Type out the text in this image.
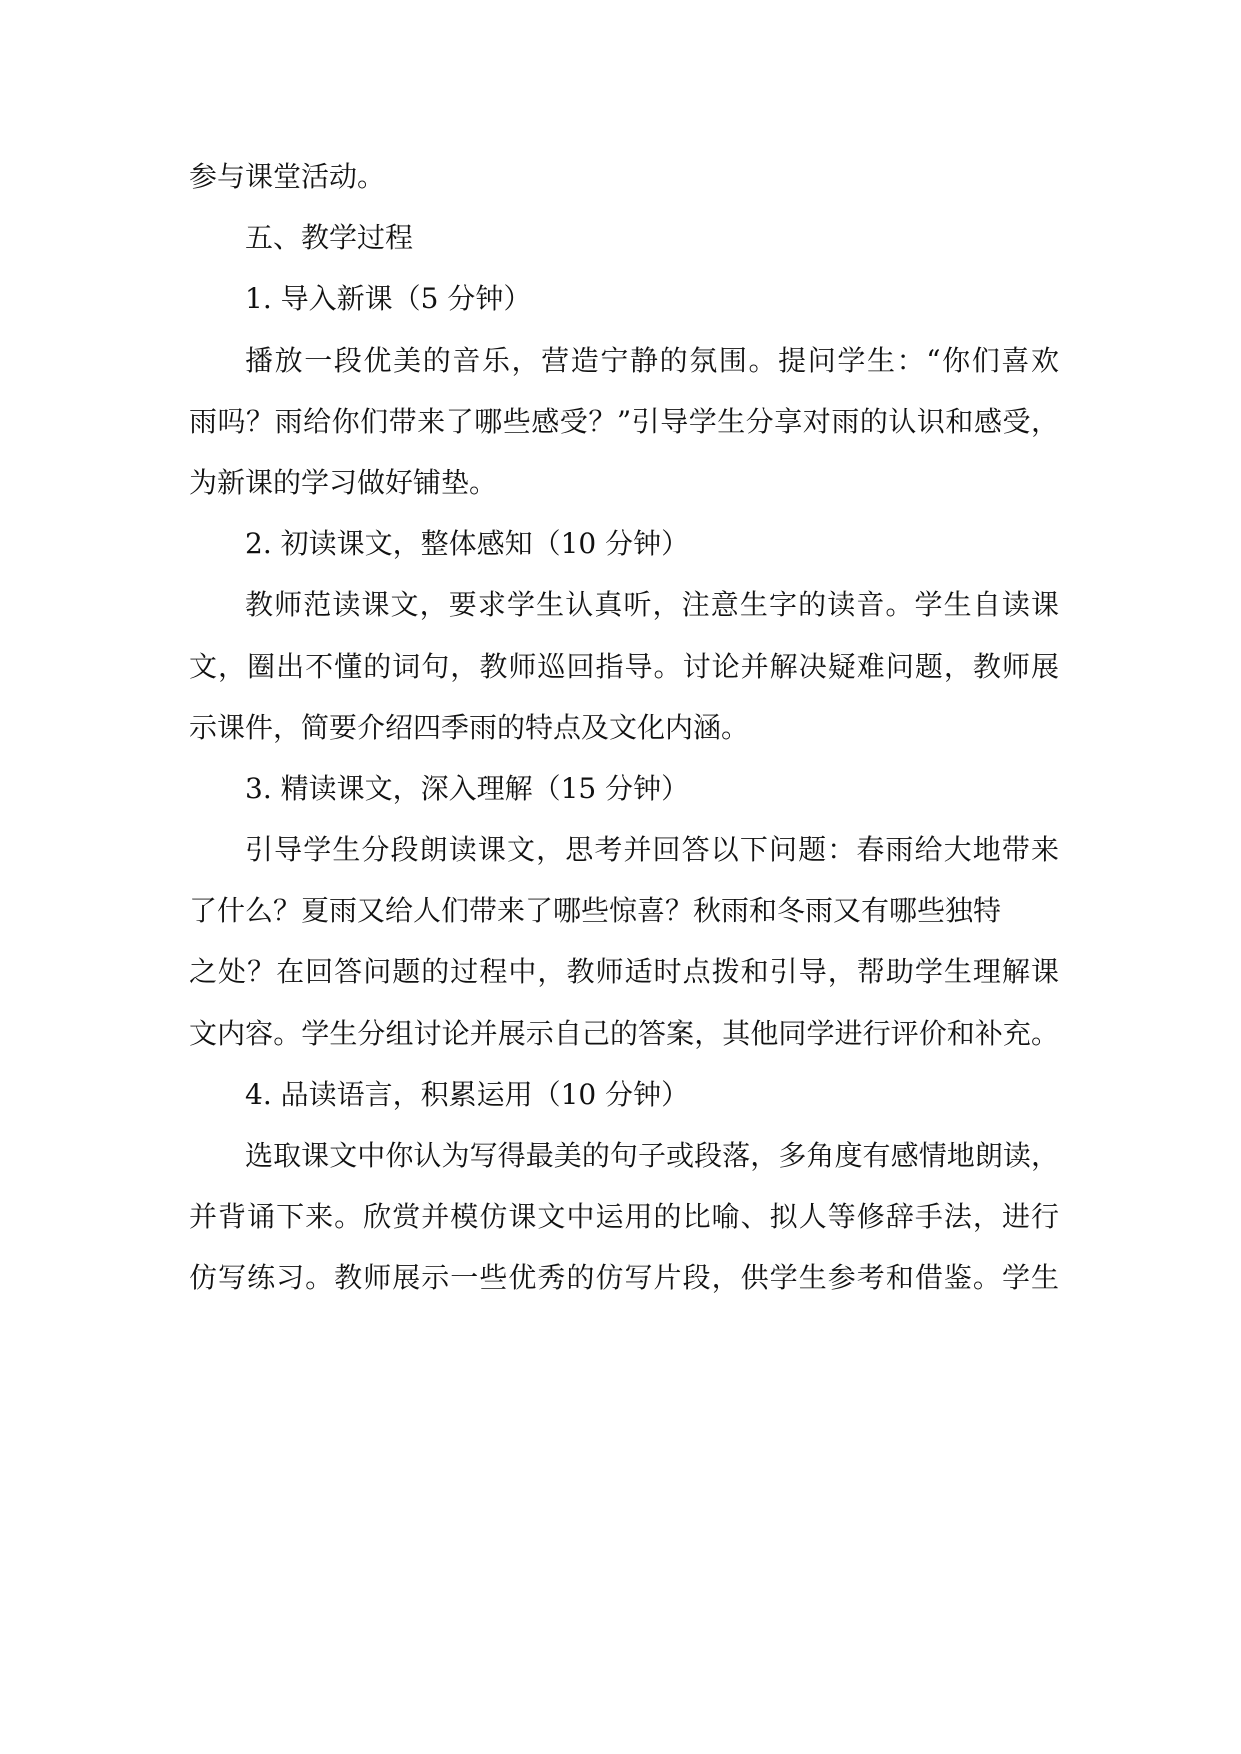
参与课堂活动。
五、教学过程
1. 导入新课（5 分钟）
播放一段优美的音乐，营造宁静的氛围。提问学生：“你们喜欢
雨吗？雨给你们带来了哪些感受？”引导学生分享对雨的认识和感受，
为新课的学习做好铺垫。
2. 初读课文，整体感知（10 分钟）
教师范读课文，要求学生认真听，注意生字的读音。学生自读课
文，圈出不懂的词句，教师巡回指导。讨论并解决疑难问题，教师展
示课件，简要介绍四季雨的特点及文化内涵。
3. 精读课文，深入理解（15 分钟）
引导学生分段朗读课文，思考并回答以下问题：春雨给大地带来
了什么？夏雨又给人们带来了哪些惊喜？秋雨和冬雨又有哪些独特
之处？在回答问题的过程中，教师适时点拨和引导，帮助学生理解课
文内容。学生分组讨论并展示自己的答案，其他同学进行评价和补充。
4. 品读语言，积累运用（10 分钟）
选取课文中你认为写得最美的句子或段落，多角度有感情地朗读，
并背诵下来。欣赏并模仿课文中运用的比喻、拟人等修辞手法，进行
仿写练习。教师展示一些优秀的仿写片段，供学生参考和借鉴。学生
